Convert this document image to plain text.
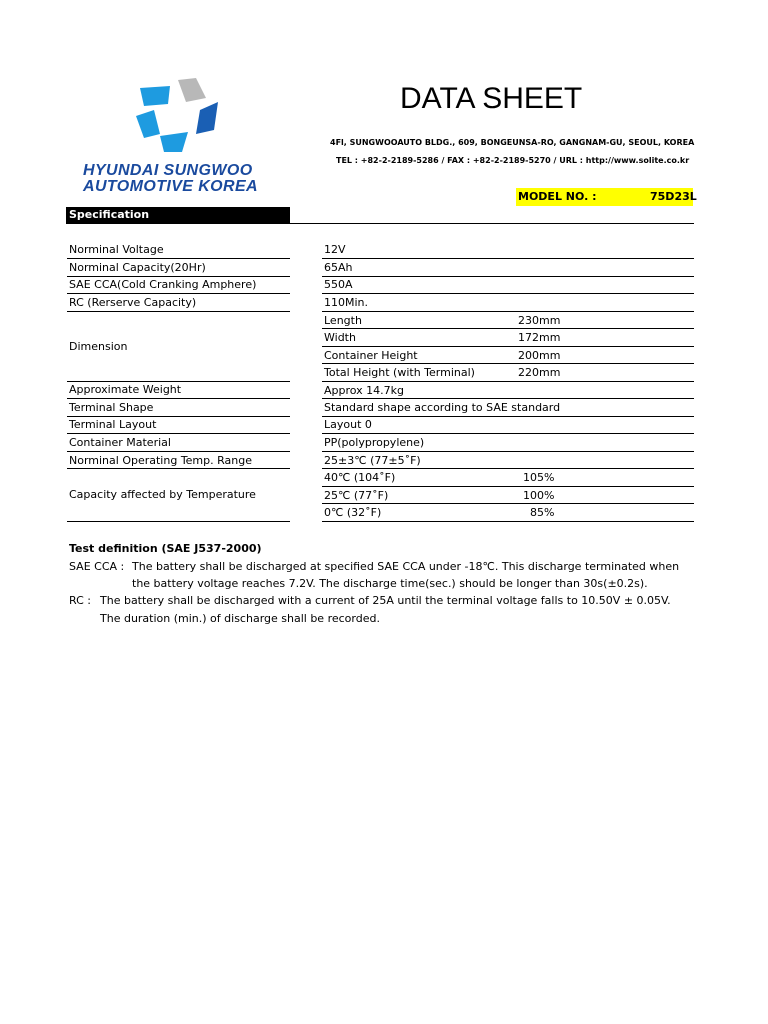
HYUNDAI SUNGWOO
AUTOMOTIVE KOREA
DATA SHEET
4Fl, SUNGWOOAUTO BLDG., 609, BONGEUNSA-RO, GANGNAM-GU, SEOUL, KOREA
TEL : +82-2-2189-5286 / FAX : +82-2-2189-5270 / URL : http://www.solite.co.kr
MODEL NO. :	75D23L
Specification
Norminal Voltage	12V
Norminal Capacity(20Hr)	65Ah
SAE CCA(Cold Cranking Amphere)	550A
RC (Rerserve Capacity)	110Min.
Dimension
Length	230mm
Width	172mm
Container Height	200mm
Total Height (with Terminal)	220mm
Approximate Weight	Approx 14.7kg
Terminal Shape	Standard shape according to SAE standard
Terminal Layout	Layout 0
Container Material	PP(polypropylene)
Norminal Operating Temp. Range	25±3℃ (77±5˚F)
Capacity affected by Temperature
40℃ (104˚F)	105%
25℃ (77˚F)	100%
0℃ (32˚F)	85%
Test definition (SAE J537-2000)
SAE CCA : The battery shall be discharged at specified SAE CCA under -18℃. This discharge terminated when
the battery voltage reaches 7.2V. The discharge time(sec.) should be longer than 30s(±0.2s).
RC : The battery shall be discharged with a current of 25A until the terminal voltage falls to 10.50V ± 0.05V.
The duration (min.) of discharge shall be recorded.
